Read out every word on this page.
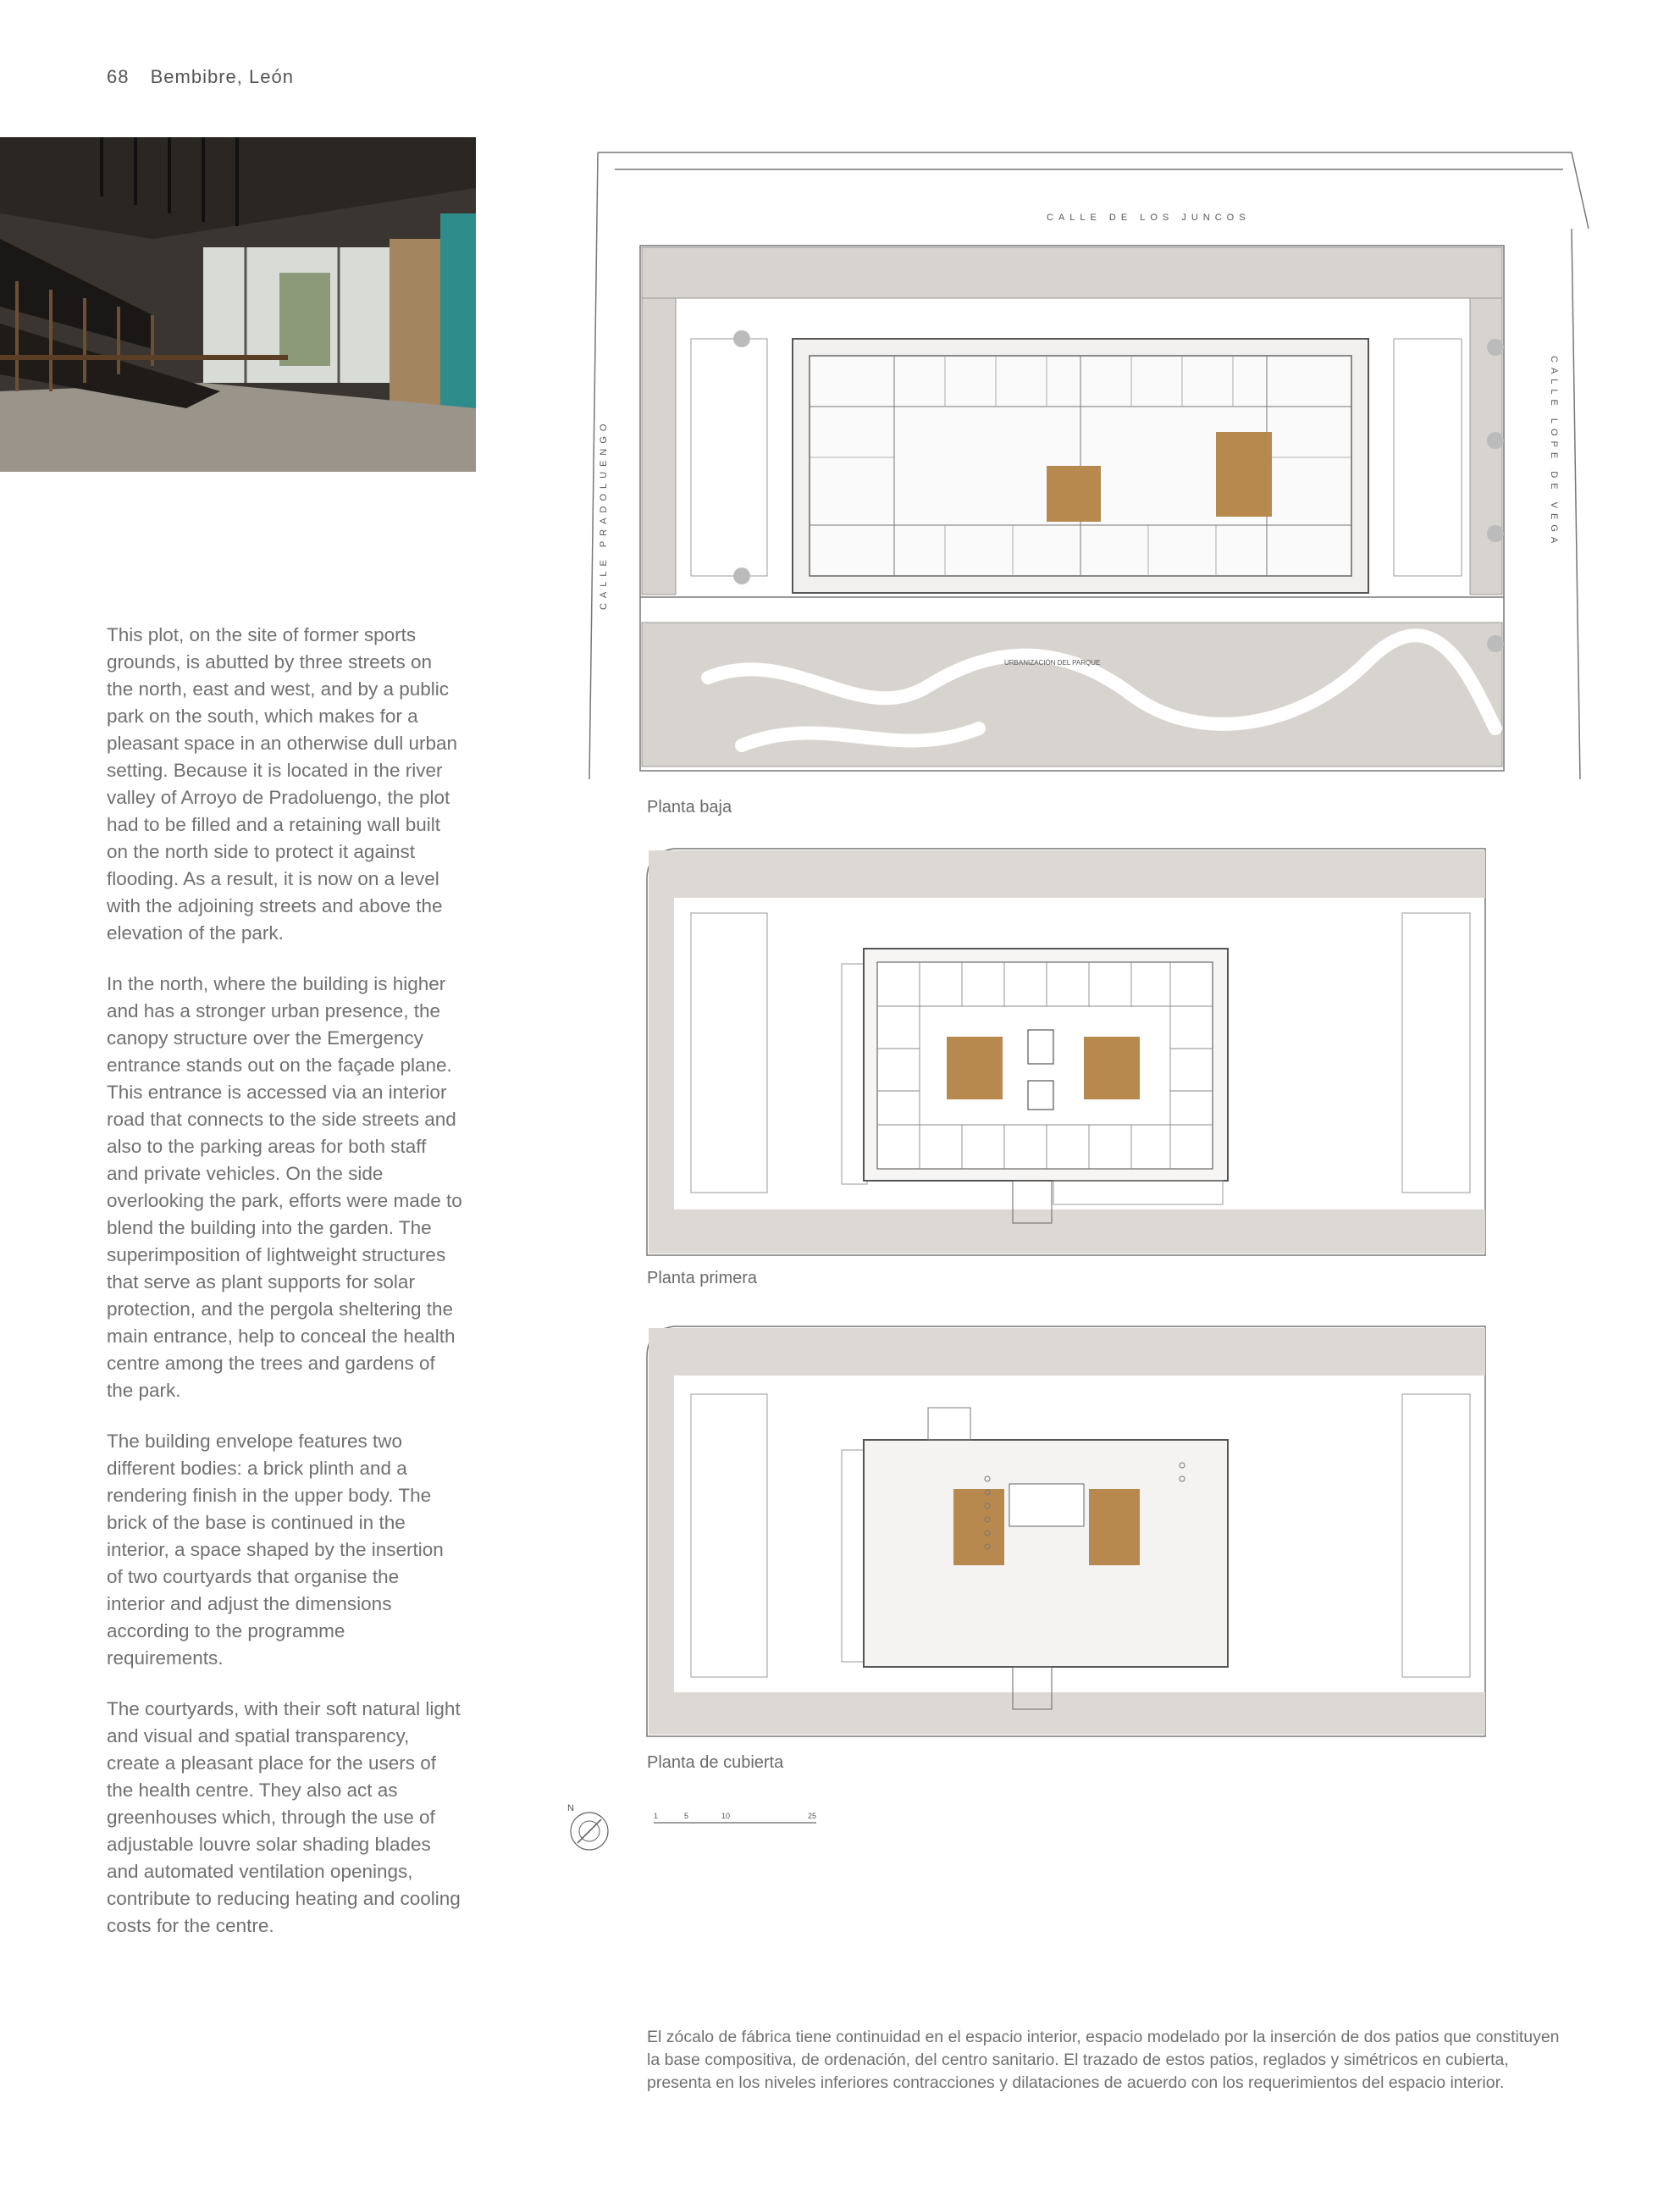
68 Bembibre, León

This plot, on the site of former sports grounds, is abutted by three streets on the north, east and west, and by a public park on the south, which makes for a pleasant space in an otherwise dull urban setting. Because it is located in the river valley of Arroyo de Pradoluengo, the plot had to be filled and a retaining wall built on the north side to protect it against flooding. As a result, it is now on a level with the adjoining streets and above the elevation of the park.

In the north, where the building is higher and has a stronger urban presence, the canopy structure over the Emergency entrance stands out on the façade plane. This entrance is accessed via an interior road that connects to the side streets and also to the parking areas for both staff and private vehicles. On the side overlooking the park, efforts were made to blend the building into the garden. The superimposition of lightweight structures that serve as plant supports for solar protection, and the pergola sheltering the main entrance, help to conceal the health centre among the trees and gardens of the park.

The building envelope features two different bodies: a brick plinth and a rendering finish in the upper body. The brick of the base is continued in the interior, a space shaped by the insertion of two courtyards that organise the interior and adjust the dimensions according to the programme requirements.

The courtyards, with their soft natural light and visual and spatial transparency, create a pleasant place for the users of the health centre. They also act as greenhouses which, through the use of adjustable louvre solar shading blades and automated ventilation openings, contribute to reducing heating and cooling costs for the centre.

CALLE DE LOS JUNCOS
CALLE PRADOLUENGO	CALLE LOPE DE VEGA
URBANIZACIÓN DEL PARQUE
Planta baja
Planta primera
Planta de cubierta
N
1	5	10	25
El zócalo de fábrica tiene continuidad en el espacio interior, espacio modelado por la inserción de dos patios que constituyen la base compositiva, de ordenación, del centro sanitario. El trazado de estos patios, reglados y simétricos en cubierta, presenta en los niveles inferiores contracciones y dilataciones de acuerdo con los requerimientos del espacio interior.
